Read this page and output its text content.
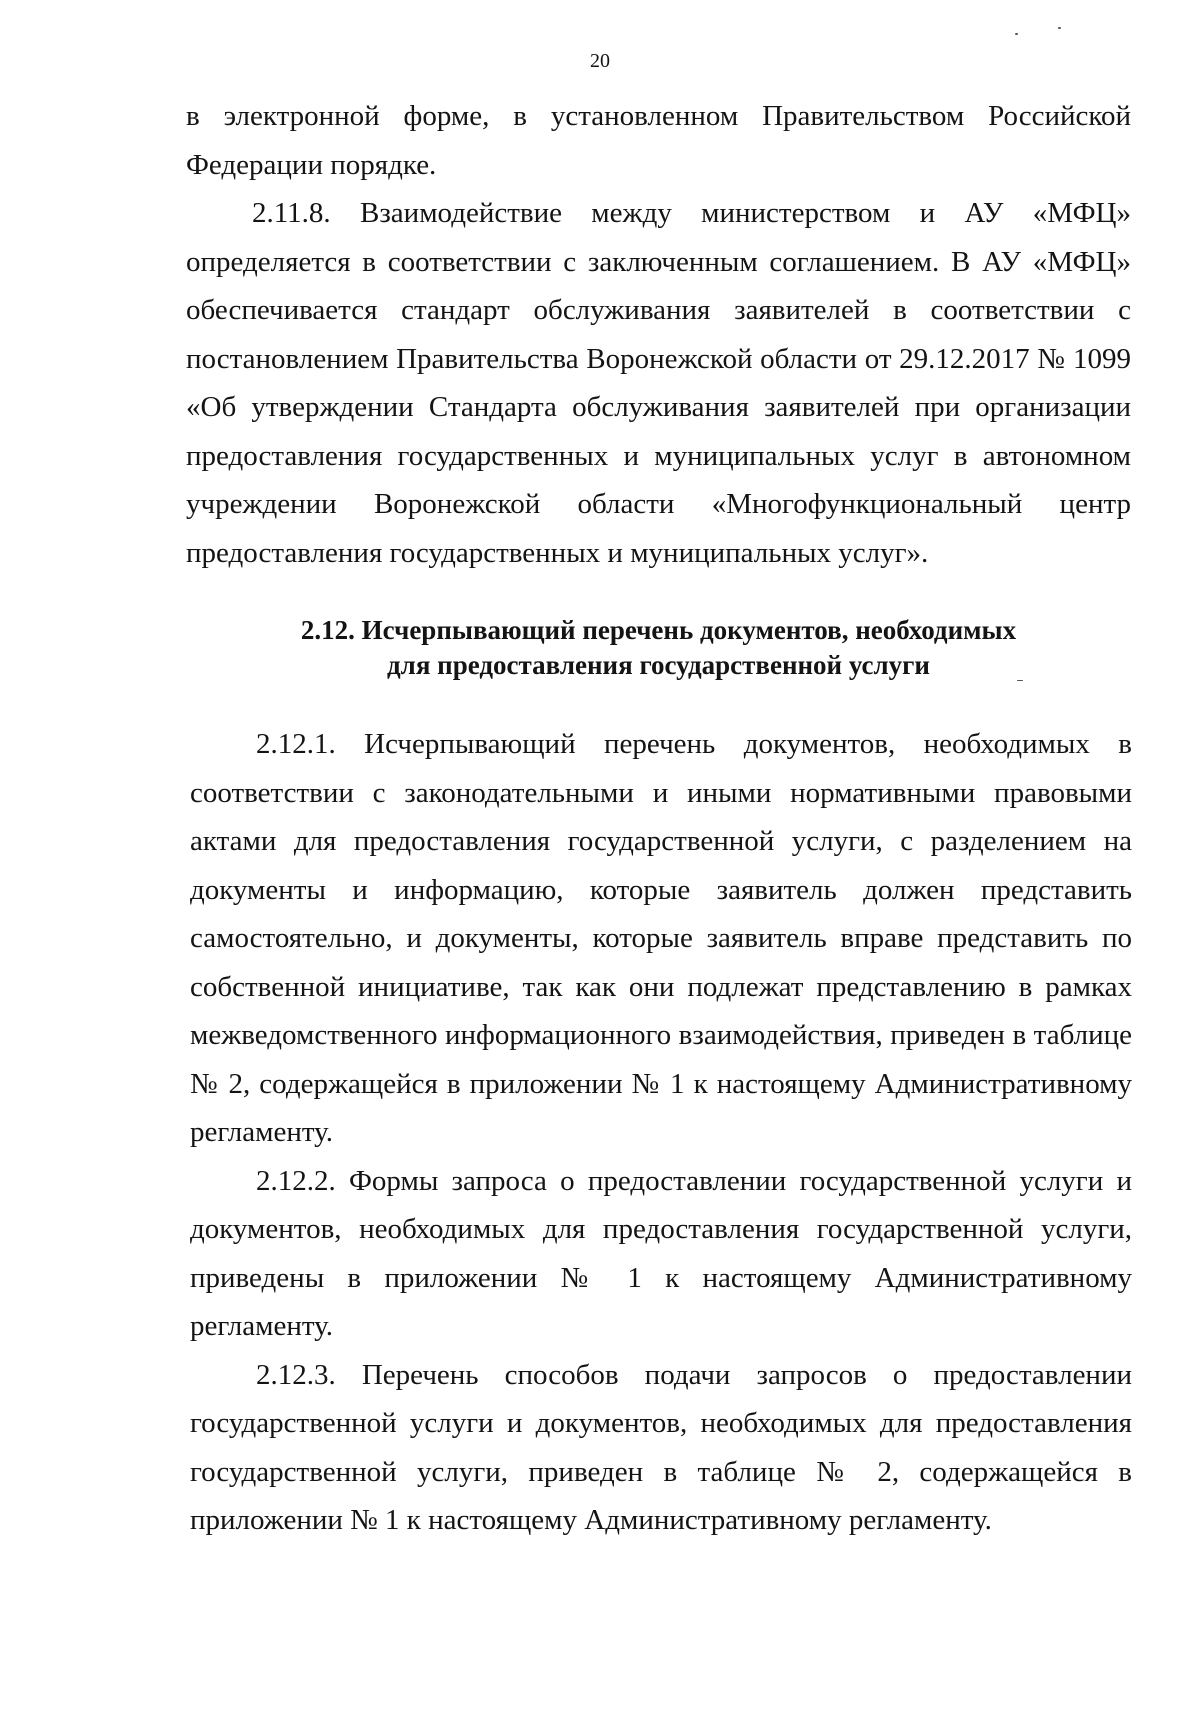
20

в электронной форме, в установленном Правительством Российской Федерации порядке.

2.11.8. Взаимодействие между министерством и АУ «МФЦ» определяется в соответствии с заключенным соглашением. В АУ «МФЦ» обеспечивается стандарт обслуживания заявителей в соответствии с постановлением Правительства Воронежской области от 29.12.2017 № 1099 «Об утверждении Стандарта обслуживания заявителей при организации предоставления государственных и муниципальных услуг в автономном учреждении Воронежской области «Многофункциональный центр предоставления государственных и муниципальных услуг».

2.12. Исчерпывающий перечень документов, необходимых
для предоставления государственной услуги

2.12.1. Исчерпывающий перечень документов, необходимых в соответствии с законодательными и иными нормативными правовыми актами для предоставления государственной услуги, с разделением на документы и информацию, которые заявитель должен представить самостоятельно, и документы, которые заявитель вправе представить по собственной инициативе, так как они подлежат представлению в рамках межведомственного информационного взаимодействия, приведен в таблице № 2, содержащейся в приложении № 1 к настоящему Административному регламенту.

2.12.2. Формы запроса о предоставлении государственной услуги и документов, необходимых для предоставления государственной услуги, приведены в приложении № 1 к настоящему Административному регламенту.

2.12.3. Перечень способов подачи запросов о предоставлении государственной услуги и документов, необходимых для предоставления государственной услуги, приведен в таблице № 2, содержащейся в приложении № 1 к настоящему Административному регламенту.
